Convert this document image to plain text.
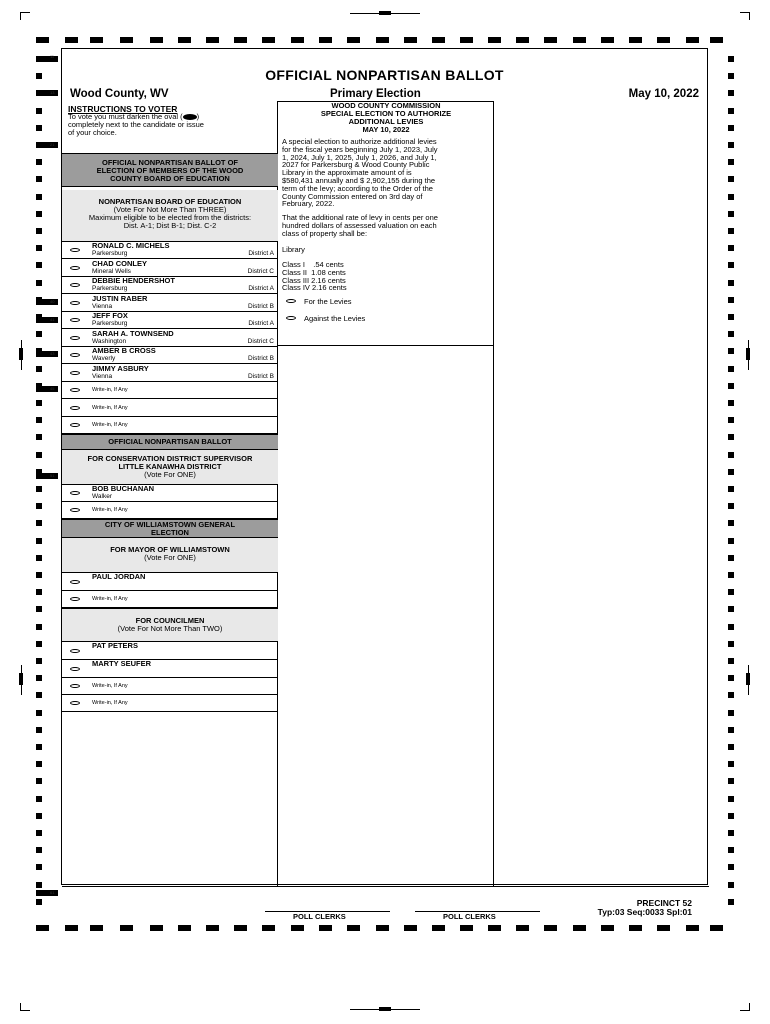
11
13
21
40
41
43
45
51
61
OFFICIAL NONPARTISAN BALLOT
Wood County, WV	Primary Election	May 10, 2022
INSTRUCTIONS TO VOTER
To vote you must darken the oval ( )
completely next to the candidate or issue
of your choice.
OFFICIAL NONPARTISAN BALLOT OF
ELECTION OF MEMBERS OF THE WOOD
COUNTY BOARD OF EDUCATION
NONPARTISAN BOARD OF EDUCATION
(Vote For Not More Than THREE)
Maximum eligible to be elected from the districts:
Dist. A-1; Dist B-1; Dist. C-2
OFFICIAL NONPARTISAN BALLOT
FOR CONSERVATION DISTRICT SUPERVISOR
LITTLE KANAWHA DISTRICT
(Vote For ONE)
BOB BUCHANAN
Walker
Write-in, If Any
CITY OF WILLIAMSTOWN GENERAL
ELECTION
FOR MAYOR OF WILLIAMSTOWN
(Vote For ONE)
PAUL JORDAN
Write-in, If Any
FOR COUNCILMEN
(Vote For Not More Than TWO)
PAT PETERS
MARTY SEUFER
Write-in, If Any
Write-in, If Any
WOOD COUNTY COMMISSION
SPECIAL ELECTION TO AUTHORIZE
ADDITIONAL LEVIES
MAY 10, 2022
Library
For the Levies
Against the Levies
RONALD C. MICHELS
Parkersburg	District A
CHAD CONLEY
Mineral Wells	District C
DEBBIE HENDERSHOT
Parkersburg	District A
JUSTIN RABER
Vienna	District B
JEFF FOX
Parkersburg	District A
SARAH A. TOWNSEND
Washington	District C
AMBER B CROSS
Waverly	District B
JIMMY ASBURY
Vienna	District B
Write-in, If Any
Write-in, If Any
Write-in, If Any
A special election to authorize additional levies
for the fiscal years beginning July 1, 2023, July
1, 2024, July 1, 2025, July 1, 2026, and July 1,
2027 for Parkersburg & Wood County Public
Library in the approximate amount of is
$580,431 annually and $ 2,902,155 during the
term of the levy; according to the Order of the
County Commission entered on 3rd day of
February, 2022.
That the additional rate of levy in cents per one
hundred dollars of assessed valuation on each
class of property shall be:
Class I    .54 cents
Class II  1.08 cents
Class III 2.16 cents
Class IV 2.16 cents
POLL CLERKS	POLL CLERKS
PRECINCT 52
Typ:03 Seq:0033 Spl:01
